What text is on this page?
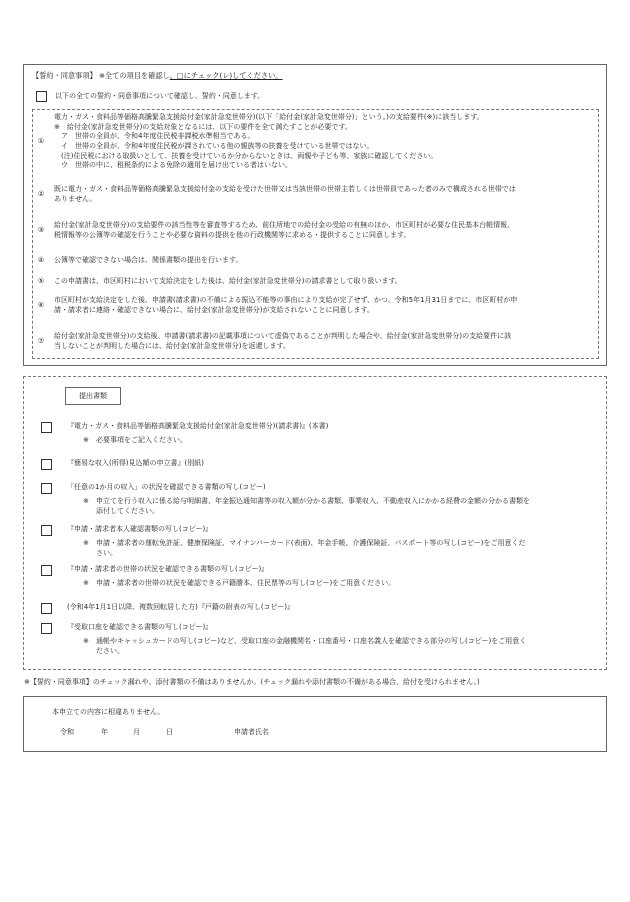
【誓約・同意事項】 ※全ての項目を確認し、□にチェック(レ)してください。
以下の全ての誓約・同意事項について確認し、誓約・同意します。
①
電力・ガス・食料品等価格高騰緊急支援給付金(家計急変世帯分)(以下「給付金(家計急変世帯分)」という。)の支給要件(※)に該当します。
※　給付金(家計急変世帯分)の支給対象となるには、以下の要件を全て満たすことが必要です。
　ア　世帯の全員が、令和4年度住民税非課税水準相当である。
　イ　世帯の全員が、令和4年度住民税が課されている他の親族等の扶養を受けている世帯ではない。
　(注)住民税における取扱いとして、扶養を受けているか分からないときは、両親や子ども等、家族に確認してください。
　ウ　世帯の中に、租税条約による免除の適用を届け出ている者はいない。
②
既に電力・ガス・食料品等価格高騰緊急支援給付金の支給を受けた世帯又は当該世帯の世帯主若しくは世帯員であった者のみで構成される世帯では
ありません。
③
給付金(家計急変世帯分)の支給要件の該当性等を審査等するため、前住所地での給付金の受給の有無のほか、市区町村が必要な住民基本台帳情報、
税情報等の公簿等の確認を行うことや必要な資料の提供を他の行政機関等に求める・提供することに同意します。
④ 公簿等で確認できない場合は、関係書類の提出を行います。
⑤ この申請書は、市区町村において支給決定をした後は、給付金(家計急変世帯分)の請求書として取り扱います。
⑥
市区町村が支給決定をした後、申請書(請求書)の不備による振込不能等の事由により支給が完了せず、かつ、令和5年1月31日までに、市区町村が申
請・請求者に連絡・確認できない場合に、給付金(家計急変世帯分)が支給されないことに同意します。
⑦
給付金(家計急変世帯分)の支給後、申請書(請求書)の記載事項について虚偽であることが判明した場合や、給付金(家計急変世帯分)の支給要件に該
当しないことが判明した場合には、給付金(家計急変世帯分)を返還します。
提出書類
『電力・ガス・食料品等価格高騰緊急支援給付金(家計急変世帯分)(請求書)』(本書)
※ 必要事項をご記入ください。
『簡易な収入(所得)見込額の申立書』(別紙)
「任意の1か月の収入」の状況を確認できる書類の写し(コピー)
※ 申立てを行う収入に係る給与明細書、年金振込通知書等の収入額が分かる書類、事業収入、不動産収入にかかる経費の金額の分かる書類を
添付してください。
『申請・請求者本人確認書類の写し(コピー)』
※ 申請・請求者の運転免許証、健康保険証、マイナンバーカード(表面)、年金手帳、介護保険証、パスポート等の写し(コピー)をご用意くだ
さい。
『申請・請求者の世帯の状況を確認できる書類の写し(コピー)』
※ 申請・請求者の世帯の状況を確認できる戸籍謄本、住民票等の写し(コピー)をご用意ください。
(令和4年1月1日以降、複数回転居した方)『戸籍の附表の写し(コピー)』
『受取口座を確認できる書類の写し(コピー)』
※ 通帳やキャッシュカードの写し(コピー)など、受取口座の金融機関名・口座番号・口座名義人を確認できる部分の写し(コピー)をご用意く
ださい。
※【誓約・同意事項】のチェック漏れや、添付書類の不備はありませんか。(チェック漏れや添付書類の不備がある場合、給付を受けられません。)
本申立ての内容に相違ありません。
令和	年	月	日	申請者氏名
